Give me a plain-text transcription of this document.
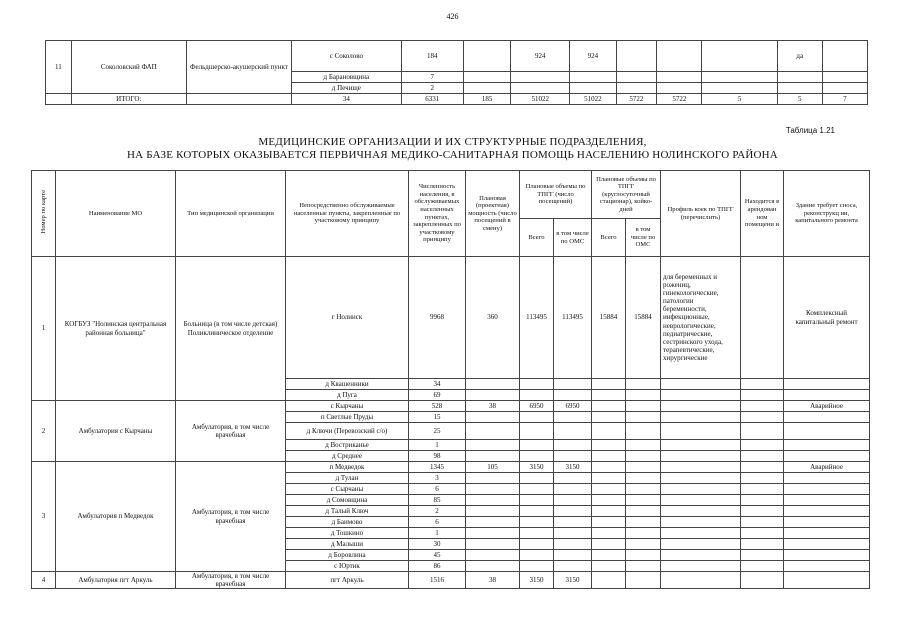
426
11	Соколовский ФАП	Фельдшерско-акушерский пункт	с Соколово	184		924	924				да	
			д Барановщина	7								
			д Печище	2								
	ИТОГО:		34	6331	185	51022	51022	5722	5722	5	5	7
Таблица 1.21
МЕДИЦИНСКИЕ ОРГАНИЗАЦИИ И ИХ СТРУКТУРНЫЕ ПОДРАЗДЕЛЕНИЯ,
НА БАЗЕ КОТОРЫХ ОКАЗЫВАЕТСЯ ПЕРВИЧНАЯ МЕДИКО-САНИТАРНАЯ ПОМОЩЬ НАСЕЛЕНИЮ НОЛИНСКОГО РАЙОНА
Номер по карте	Наименование МО	Тип медицинской организации	Непосредственно обслуживаемые населенные пункты, закрепленные по участковому принципу	Численность населения, в обслуживаемых населенных пунктах, закрепленных по участковому принципу	Плановая (проектная) мощность (число посещений в смену)	Плановые объемы по ТПГГ (число посещений)		Плановые объемы по ТПГГ (круглосуточный стационар), койко-дней		Профиль коек по ТПГГ (перечислить)	Находится в арендован ном помещени и	Здание требует сноса, реконструкц ии, капитального ремонта
						Всего	в том числе по ОМС	Всего	в том числе по ОМС			
1	КОГБУЗ "Нолинская центральная районная больница"	Больница (в том числе детская) Поликлиническое отделение	г Нолинск	9968	360	113495	113495	15884	15884	для беременных и рожениц, гинекологические, патологии беременности, инфекционные, неврологические, педиатрические, сестринского ухода, терапевтические, хирургические		Комплексный капитальный ремонт
			д Квашенники	34								
			д Пуга	69								
2	Амбулатория с Кырчаны	Амбулатория, в том числе врачебная	с Кырчаны	528	38	6950	6950					Аварийное
			п Светлые Пруды	15								
			д Ключи (Перевозский с/о)	25								
			д Востриканье	1								
			д Среднее	98								
3	Амбулатория п Медведок	Амбулатория, в том числе врачебная	п Медведок	1345	105	3150	3150					Аварийное
			д Тулан	3								
			с Сырчаны	6								
			д Сомовщина	85								
			д Талый Ключ	2								
			д Баимово	6								
			д Тошкино	1								
			д Малыши	30								
			д Боровлина	45								
			с Юртик	86								
4	Амбулатория пгт Аркуль	Амбулатория, в том числе врачебная	пгт Аркуль	1516	38	3150	3150					
